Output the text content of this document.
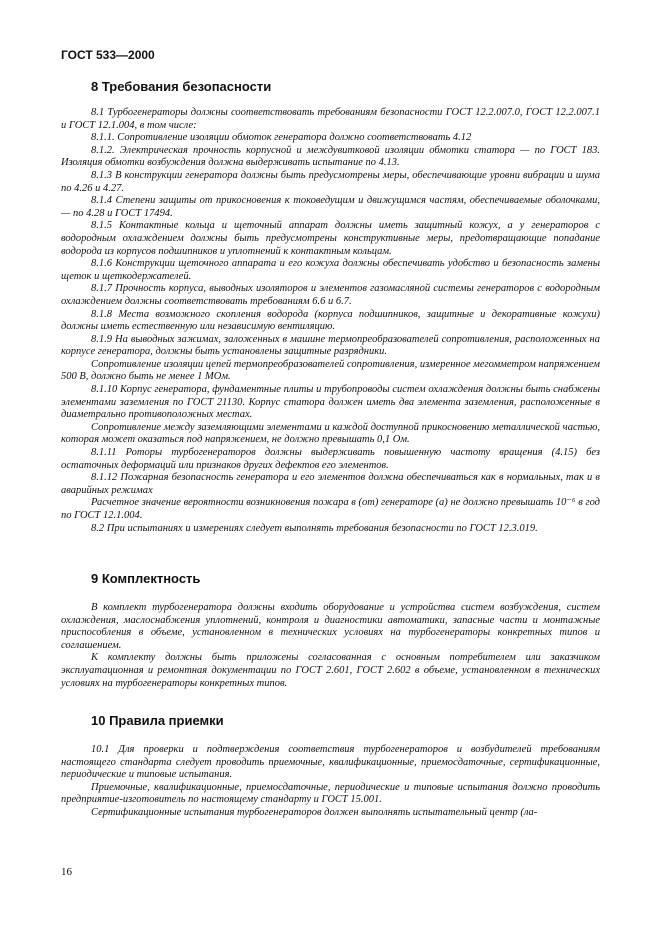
ГОСТ 533—2000
8 Требования безопасности

8.1 Турбогенераторы должны соответствовать требованиям безопасности ГОСТ 12.2.007.0, ГОСТ 12.2.007.1 и ГОСТ 12.1.004, в том числе:

8.1.1. Сопротивление изоляции обмоток генератора должно соответствовать 4.12

8.1.2. Электрическая прочность корпусной и междувитковой изоляции обмотки статора — по ГОСТ 183. Изоляция обмотки возбуждения должна выдерживать испытание по 4.13.

8.1.3 В конструкции генератора должны быть предусмотрены меры, обеспечивающие уровни вибрации и шума по 4.26 и 4.27.

8.1.4 Степени защиты от прикосновения к токоведущим и движущимся частям, обеспечиваемые оболочками, — по 4.28 и ГОСТ 17494.

8.1.5 Контактные кольца и щеточный аппарат должны иметь защитный кожух, а у генераторов с водородным охлаждением должны быть предусмотрены конструктивные меры, предотвращающие попадание водорода из корпусов подшипников и уплотнений к контактным кольцам.

8.1.6 Конструкции щеточного аппарата и его кожуха должны обеспечивать удобство и безопасность замены щеток и щеткодержателей.

8.1.7 Прочность корпуса, выводных изоляторов и элементов газомасляной системы генераторов с водородным охлаждением должны соответствовать требованиям 6.6 и 6.7.

8.1.8 Места возможного скопления водорода (корпуса подшипников, защитные и декоративные кожухи) должны иметь естественную или независимую вентиляцию.

8.1.9 На выводных зажимах, заложенных в машине термопреобразователей сопротивления, расположенных на корпусе генератора, должны быть установлены защитные разрядники.

Сопротивление изоляции цепей термопреобразователей сопротивления, измеренное мегомметром напряжением 500 В, должно быть не менее 1 МОм.

8.1.10 Корпус генератора, фундаментные плиты и трубопроводы систем охлаждения должны быть снабжены элементами заземления по ГОСТ 21130. Корпус статора должен иметь два элемента заземления, расположенные в диаметрально противоположных местах.

Сопротивление между заземляющими элементами и каждой доступной прикосновению металлической частью, которая может оказаться под напряжением, не должно превышать 0,1 Ом.

8.1.11 Роторы турбогенераторов должны выдерживать повышенную частоту вращения (4.15) без остаточных деформаций или признаков других дефектов его элементов.

8.1.12 Пожарная безопасность генератора и его элементов должна обеспечиваться как в нормальных, так и в аварийных режимах

Расчетное значение вероятности возникновения пожара в (от) генераторе (а) не должно превышать 10⁻⁶ в год по ГОСТ 12.1.004.

8.2 При испытаниях и измерениях следует выполнять требования безопасности по ГОСТ 12.3.019.

9 Комплектность

В комплект турбогенератора должны входить оборудование и устройства систем возбуждения, систем охлаждения, маслоснабжения уплотнений, контроля и диагностики автоматики, запасные части и монтажные приспособления в объеме, установленном в технических условиях на турбогенераторы конкретных типов и соглашением.

К комплекту должны быть приложены согласованная с основным потребителем или заказчиком эксплуатационная и ремонтная документации по ГОСТ 2.601, ГОСТ 2.602 в объеме, установленном в технических условиях на турбогенераторы конкретных типов.

10 Правила приемки

10.1 Для проверки и подтверждения соответствия турбогенераторов и возбудителей требованиям настоящего стандарта следует проводить приемочные, квалификационные, приемосдаточные, сертификационные, периодические и типовые испытания.

Приемочные, квалификационные, приемосдаточные, периодические и типовые испытания должно проводить предприятие-изготовитель по настоящему стандарту и ГОСТ 15.001.

Сертификационные испытания турбогенераторов должен выполнять испытательный центр (ла-

16
